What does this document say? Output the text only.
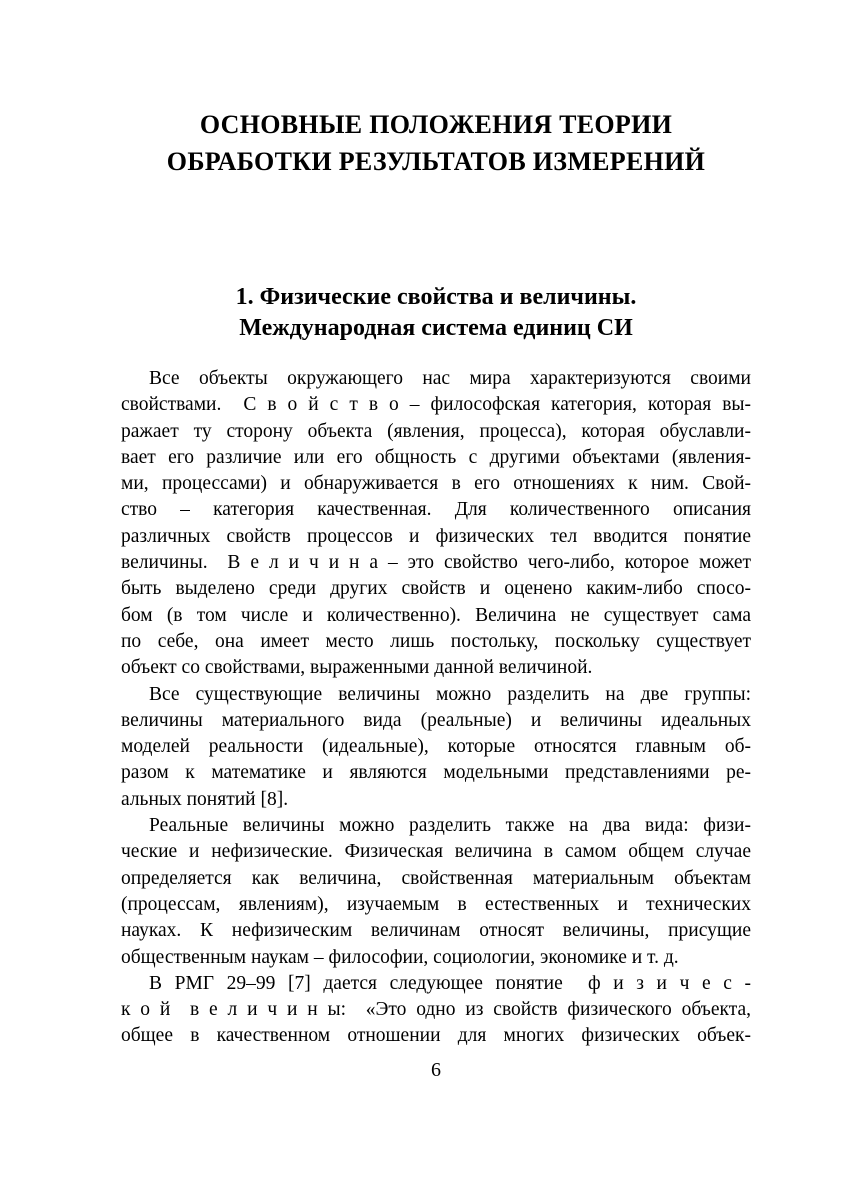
ОСНОВНЫЕ ПОЛОЖЕНИЯ ТЕОРИИ
ОБРАБОТКИ РЕЗУЛЬТАТОВ ИЗМЕРЕНИЙ
1. Физические свойства и величины.
Международная система единиц СИ
Все объекты окружающего нас мира характеризуются своими
свойствами.  С в о й с т в о – философская категория, которая вы-
ражает ту сторону объекта (явления, процесса), которая обуславли-
вает его различие или его общность с другими объектами (явления-
ми, процессами) и обнаруживается в его отношениях к ним. Свой-
ство – категория качественная. Для количественного описания
различных свойств процессов и физических тел вводится понятие
величины.  В е л и ч и н а – это свойство чего-либо, которое может
быть выделено среди других свойств и оценено каким-либо спосо-
бом (в том числе и количественно). Величина не существует сама
по себе, она имеет место лишь постольку, поскольку существует
объект со свойствами, выраженными данной величиной.
Все существующие величины можно разделить на две группы:
величины материального вида (реальные) и величины идеальных
моделей реальности (идеальные), которые относятся главным об-
разом к математике и являются модельными представлениями ре-
альных понятий [8].
Реальные величины можно разделить также на два вида: физи-
ческие и нефизические. Физическая величина в самом общем случае
определяется как величина, свойственная материальным объектам
(процессам, явлениям), изучаемым в естественных и технических
науках. К нефизическим величинам относят величины, присущие
общественным наукам – философии, социологии, экономике и т. д.
В РМГ 29–99 [7] дается следующее понятие  ф и з и ч е с -
к о й  в е л и ч и н ы:  «Это одно из свойств физического объекта,
общее в качественном отношении для многих физических объек-
6
